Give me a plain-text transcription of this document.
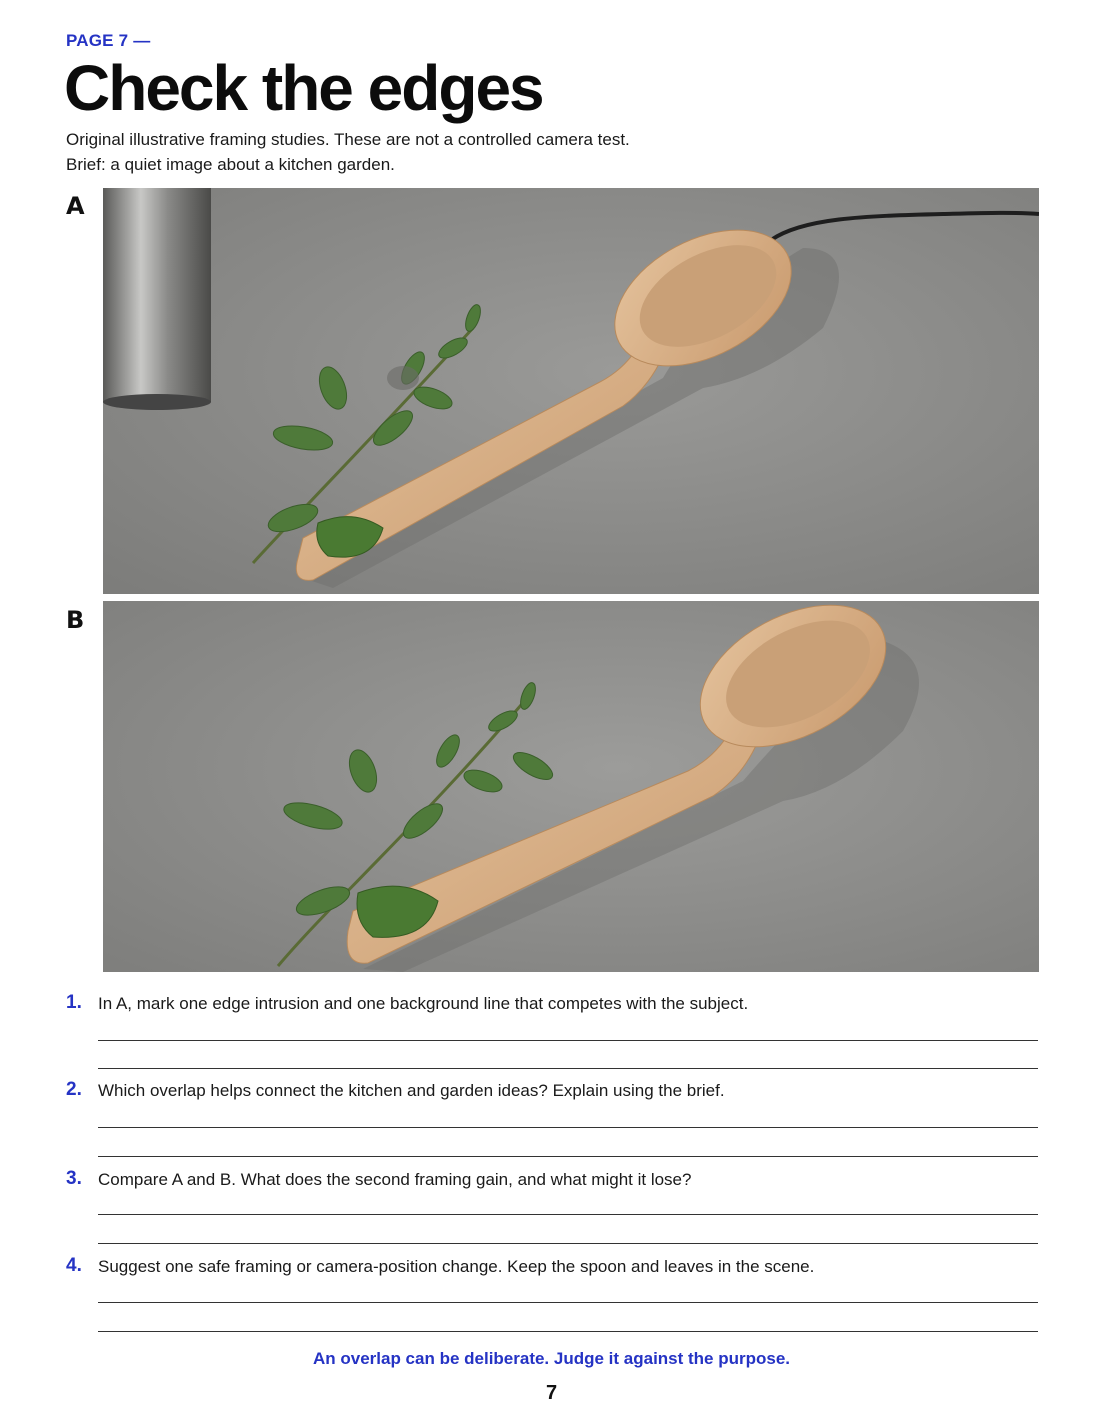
PAGE 7 —
Check the edges

Original illustrative framing studies. These are not a controlled camera test.

Brief: a quiet image about a kitchen garden.

A
B
1. In A, mark one edge intrusion and one background line that competes with the subject.
2. Which overlap helps connect the kitchen and garden ideas? Explain using the brief.
3. Compare A and B. What does the second framing gain, and what might it lose?
4. Suggest one safe framing or camera-position change. Keep the spoon and leaves in the scene.
An overlap can be deliberate. Judge it against the purpose.
7
